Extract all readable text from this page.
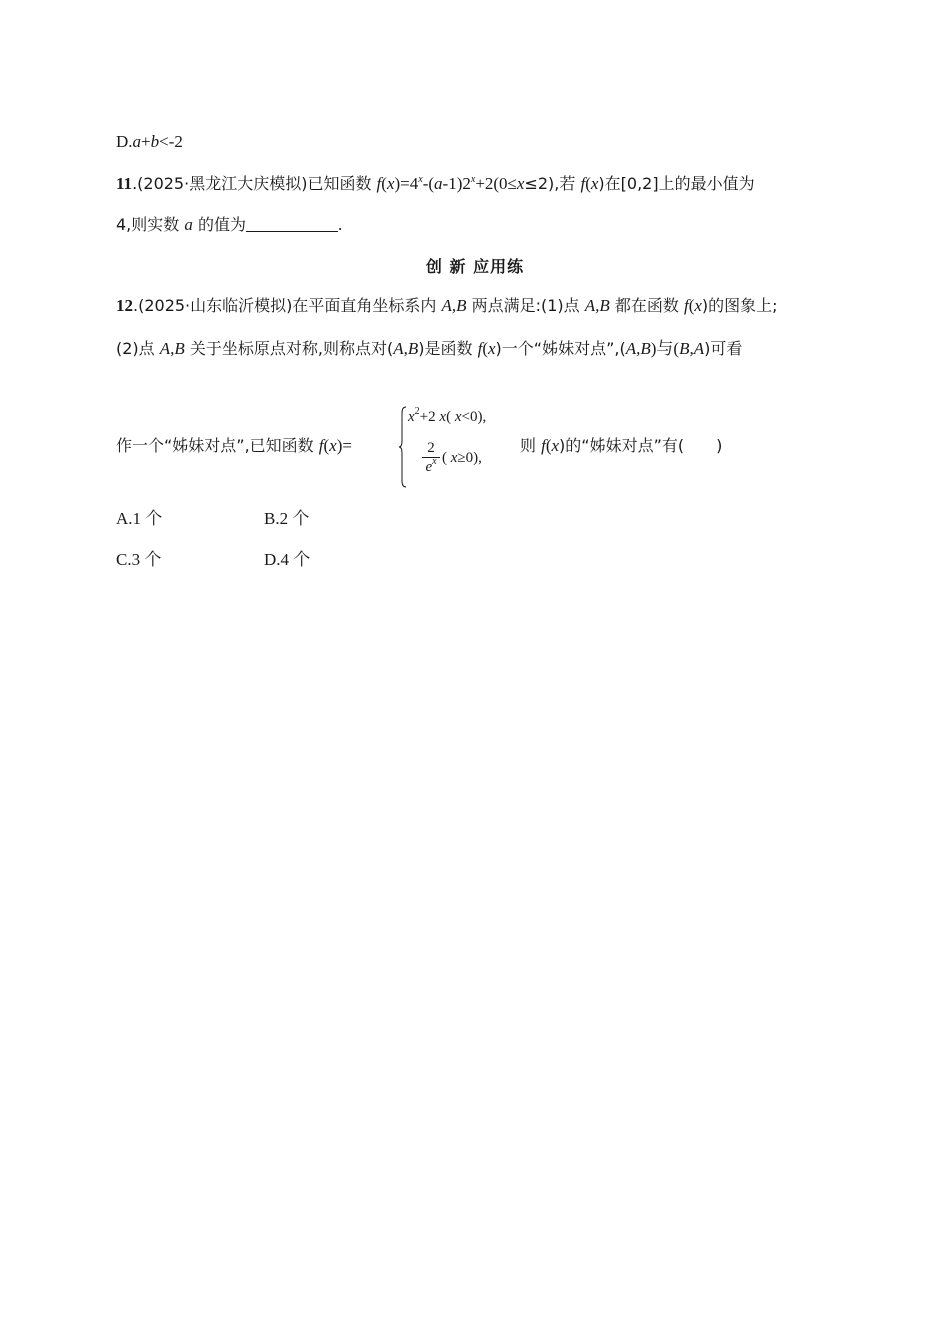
D.a+b<-2
11.(2025·黑龙江大庆模拟)已知函数 $f(x)=4^x-(a-1)2^x+2(0\le x\le 2)$,若 f(x)在[0,2]上的最小值为
4,则实数 a 的值为	.
创 新 应用练
12.(2025·山东临沂模拟)在平面直角坐标系内 A,B 两点满足:(1)点 A,B 都在函数 f(x)的图象上;
(2)点 A,B 关于坐标原点对称,则称点对(A,B)是函数 f(x)一个“姊妹对点”,(A,B)与(B,A)可看
作一个“姊妹对点”,已知函数 f(x)=
$x^2+2$ x( x<0),
2
$e^x$ ( x≥0),
则 f(x)的“姊妹对点”有(　　)
A.1 个	B.2 个
C.3 个	D.4 个
